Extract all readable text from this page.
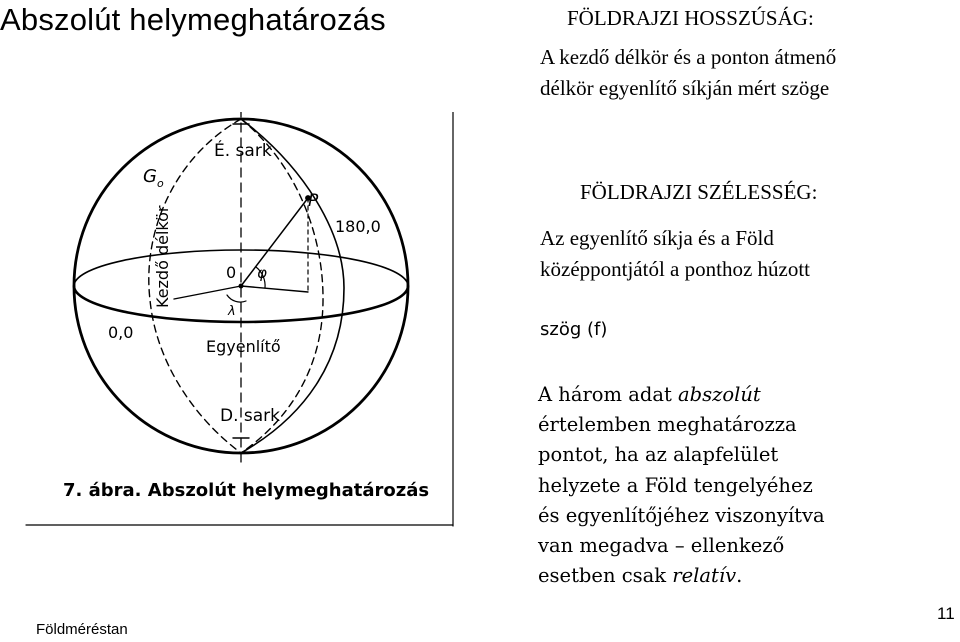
Abszolút helymeghatározás	FÖLDRAJZI HOSSZÚSÁG:
A kezdő délkör és a ponton átmenő
délkör egyenlítő síkján mért szöge
FÖLDRAJZI SZÉLESSÉG:
Az egyenlítő síkja és a Föld
középpontjától a ponthoz húzott
szög (f)
A három adat abszolút
értelemben meghatározza
pontot, ha az alapfelület
helyzete a Föld tengelyéhez
és egyenlítőjéhez viszonyítva
van megadva – ellenkező
esetben csak relatív.
É. sark
$G_o$
P
180,0
Kezdő délkör	0 φ
λ
0,0
Egyenlítő
D. sark
7. ábra. Abszolút helymeghatározás
Földméréstan
11
